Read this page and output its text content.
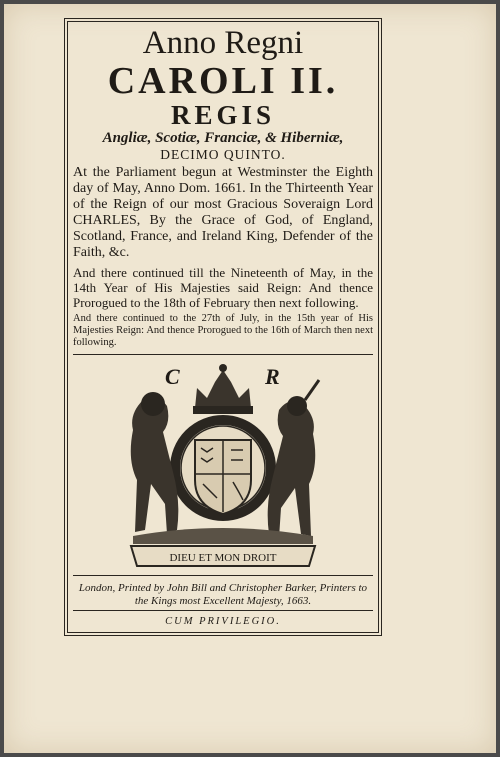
Anno Regni
CAROLI II.
REGIS
Angliæ, Scotiæ, Franciæ, & Hiberniæ,
DECIMO QUINTO.
At the Parliament begun at Westminster the Eighth day of May, Anno Dom. 1661. In the Thirteenth Year of the Reign of our most Gracious Soveraign Lord CHARLES, By the Grace of God, of England, Scotland, France, and Ireland King, Defender of the Faith, &c.
And there continued till the Nineteenth of May, in the 14th Year of His Majesties said Reign: And thence Prorogued to the 18th of February then next following.
And there continued to the 27th of July, in the 15th year of His Majesties Reign: And thence Prorogued to the 16th of March then next following.
C	R
DIEU ET MON DROIT
London, Printed by John Bill and Christopher Barker, Printers to the Kings most Excellent Majesty, 1663.
CUM PRIVILEGIO.
